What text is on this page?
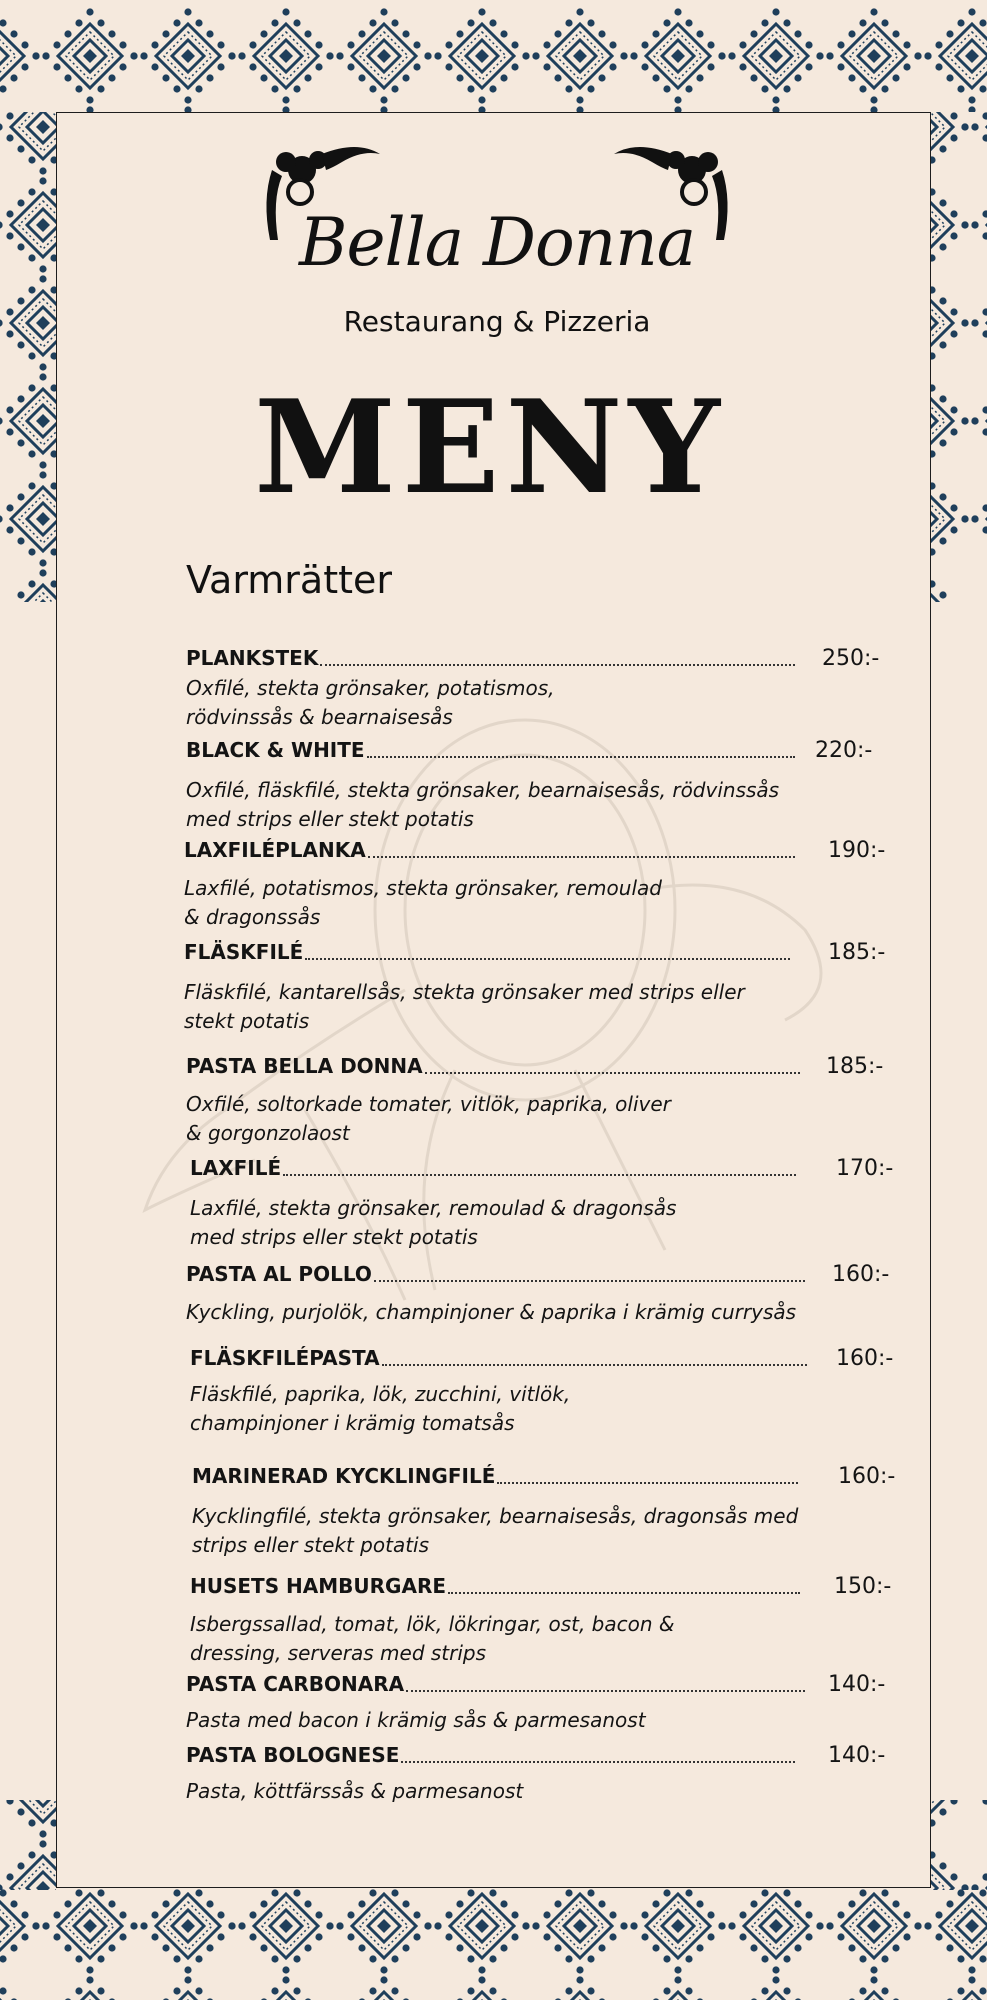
Bella Donna
Restaurang & Pizzeria
MENY
Varmrätter
PLANKSTEK	250:-
Oxfilé, stekta grönsaker, potatismos,
rödvinssås & bearnaisesås
BLACK & WHITE	220:-
Oxfilé, fläskfilé, stekta grönsaker, bearnaisesås, rödvinssås
med strips eller stekt potatis
LAXFILÉPLANKA	190:-
Laxfilé, potatismos, stekta grönsaker, remoulad
& dragonssås
FLÄSKFILÉ	185:-
Fläskfilé, kantarellsås, stekta grönsaker med strips eller
stekt potatis
PASTA BELLA DONNA	185:-
Oxfilé, soltorkade tomater, vitlök, paprika, oliver
& gorgonzolaost
LAXFILÉ	170:-
Laxfilé, stekta grönsaker, remoulad & dragonsås
med strips eller stekt potatis
PASTA AL POLLO	160:-
Kyckling, purjolök, champinjoner & paprika i krämig currysås
FLÄSKFILÉPASTA	160:-
Fläskfilé, paprika, lök, zucchini, vitlök,
champinjoner i krämig tomatsås
MARINERAD KYCKLINGFILÉ	160:-
Kycklingfilé, stekta grönsaker, bearnaisesås, dragonsås med
strips eller stekt potatis
HUSETS HAMBURGARE	150:-
Isbergssallad, tomat, lök, lökringar, ost, bacon &
dressing, serveras med strips
PASTA CARBONARA	140:-
Pasta med bacon i krämig sås & parmesanost
PASTA BOLOGNESE	140:-
Pasta, köttfärssås & parmesanost
